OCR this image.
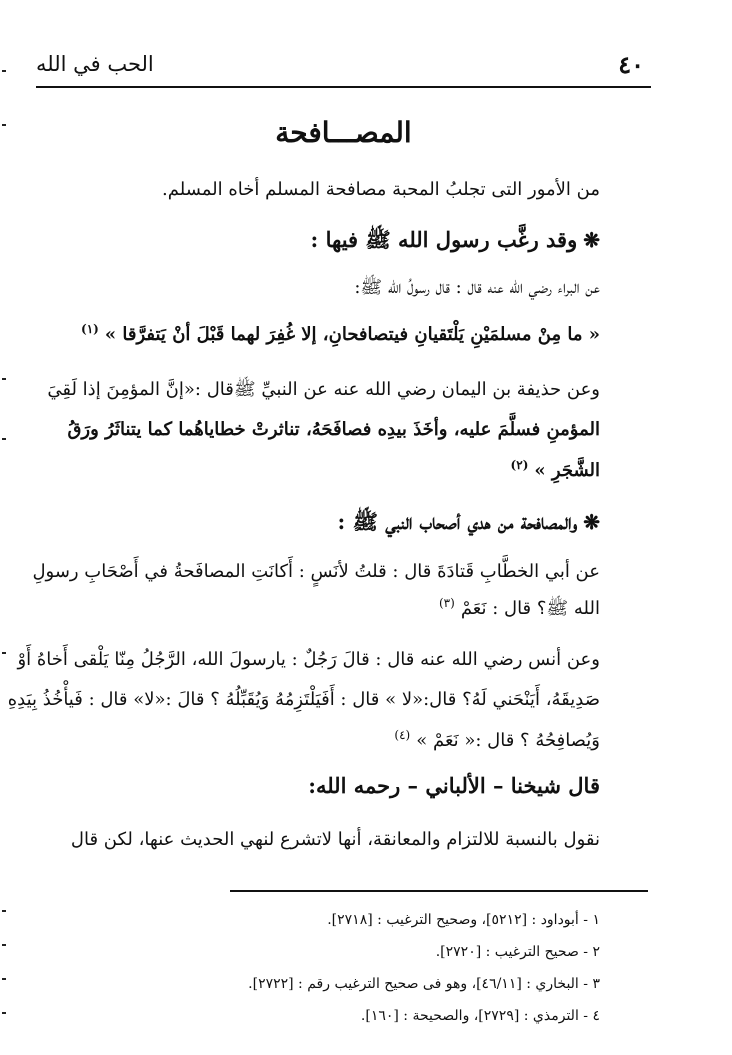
٤٠
الحب في الله
المصـــافحة
من الأمور التى تجلبُ المحبة مصافحة المسلم أخاه المسلم.
❋وقد رغَّب رسول الله ﷺ فيها :
عن البراء رضي الله عنه قال : قال رسولُ الله ﷺ:
« ما مِنْ مسلمَيْنِ يَلْتَقيانِ فيتصافحانِ، إلا غُفِرَ لهما قَبْلَ أنْ يَتفرَّقا »$^{(١)}$
وعن حذيفة بن اليمان رضي الله عنه عن النبيِّ ﷺقال :«إنَّ المؤمِنَ إذا لَقِيَ
المؤمنِ فسلَّمَ عليه، وأخَذَ بيدِه فصافَحَهُ، تناثرتْ خطاياهُما كما يتناثَرُ ورَقُ
الشَّجَرِ »$^{(٢)}$
❋والمصافحة من هدي أصحاب النبي ﷺ :
عن أبي الخطَّابِ قَتادَةَ قال : قلتُ لأنَسٍ : أَكانَتِ المصافَحةُ في أَصْحَابِ رسولِ
الله ﷺ؟ قال : نَعَمْ$^{(٣)}$
وعن أنس رضي الله عنه قال : قالَ رَجُلٌ : يارسولَ الله، الرَّجُلُ مِنّا يَلْقى أَخاهُ أَوْ
صَدِيقَهُ، أَيَنْحَني لَهُ؟ قال:«لا » قال : أَفَيَلْتَزِمُهُ وَيُقَبِّلُهُ ؟ قالَ :«لا» قال : فَيأْخُذُ بِيَدِهِ
وَيُصافِحُهُ ؟ قال :« نَعَمْ »$^{(٤)}$
قال شيخنا – الألباني – رحمه الله:
نقول بالنسبة للالتزام والمعانقة، أنها لاتشرع لنهي الحديث عنها، لكن قال
١ - أبوداود : [٥٢١٢]، وصحيح الترغيب : [٢٧١٨].
٢ - صحيح الترغيب : [٢٧٢٠].
٣ - البخاري : [٤٦/١١]، وهو فى صحيح الترغيب رقم : [٢٧٢٢].
٤ - الترمذي : [٢٧٢٩]، والصحيحة : [١٦٠].
